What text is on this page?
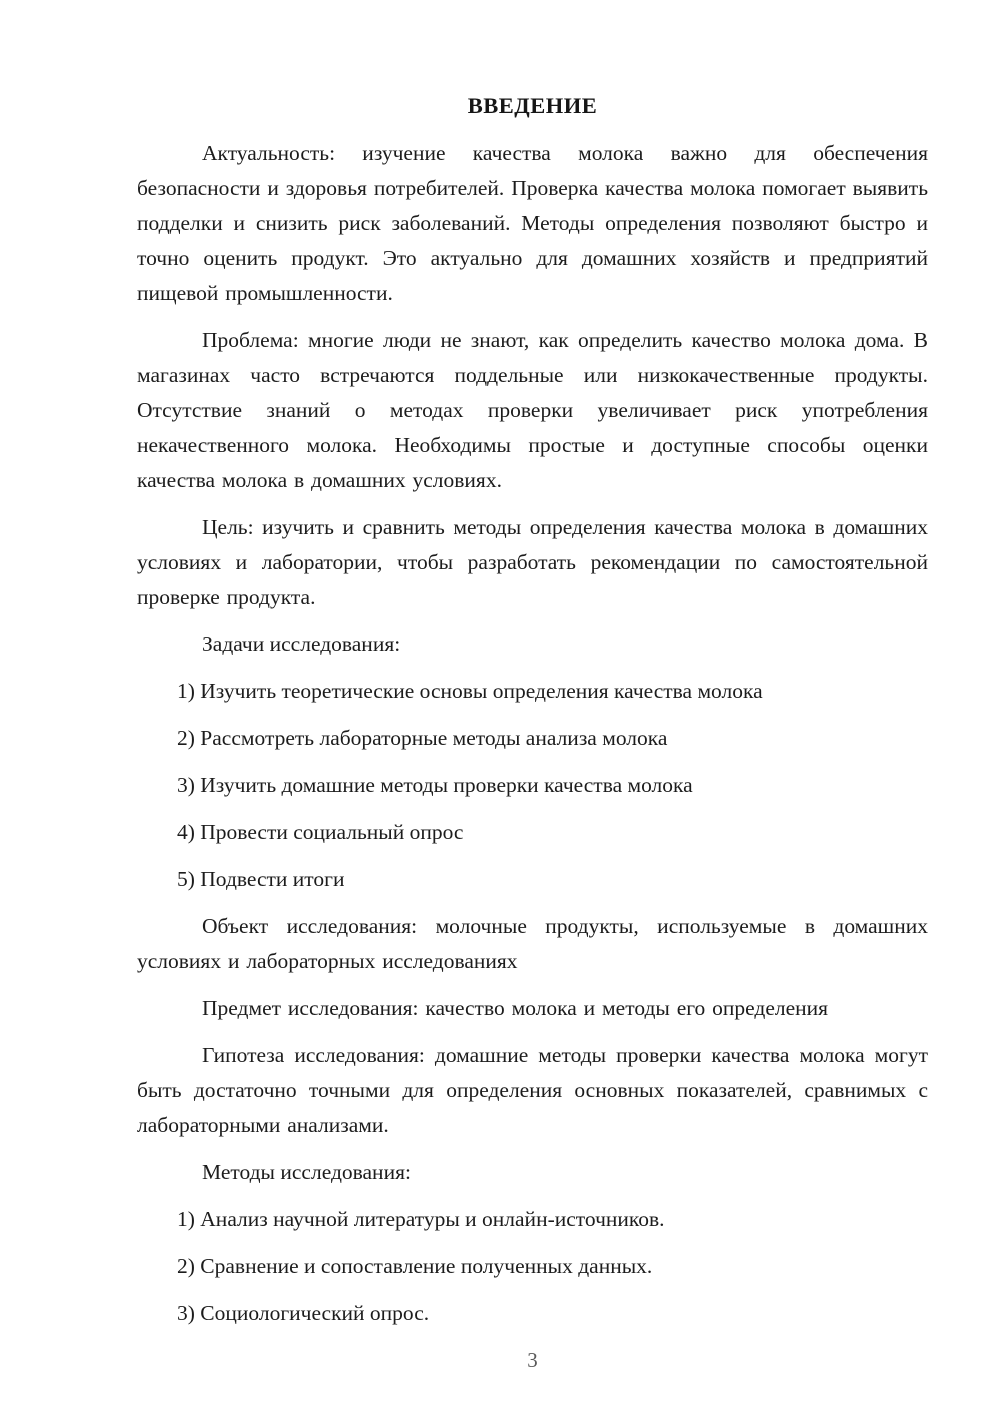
ВВЕДЕНИЕ

Актуальность: изучение качества молока важно для обеспечения безопасности и здоровья потребителей. Проверка качества молока помогает выявить подделки и снизить риск заболеваний. Методы определения позволяют быстро и точно оценить продукт. Это актуально для домашних хозяйств и предприятий пищевой промышленности.

Проблема: многие люди не знают, как определить качество молока дома. В магазинах часто встречаются поддельные или низкокачественные продукты. Отсутствие знаний о методах проверки увеличивает риск употребления некачественного молока. Необходимы простые и доступные способы оценки качества молока в домашних условиях.

Цель: изучить и сравнить методы определения качества молока в домашних условиях и лаборатории, чтобы разработать рекомендации по самостоятельной проверке продукта.

Задачи исследования:

1) Изучить теоретические основы определения качества молока

2) Рассмотреть лабораторные методы анализа молока

3) Изучить домашние методы проверки качества молока

4) Провести социальный опрос

5) Подвести итоги

Объект исследования: молочные продукты, используемые в домашних условиях и лабораторных исследованиях

Предмет исследования: качество молока и методы его определения

Гипотеза исследования: домашние методы проверки качества молока могут быть достаточно точными для определения основных показателей, сравнимых с лабораторными анализами.

Методы исследования:

1) Анализ научной литературы и онлайн-источников.

2) Сравнение и сопоставление полученных данных.

3) Социологический опрос.

3
